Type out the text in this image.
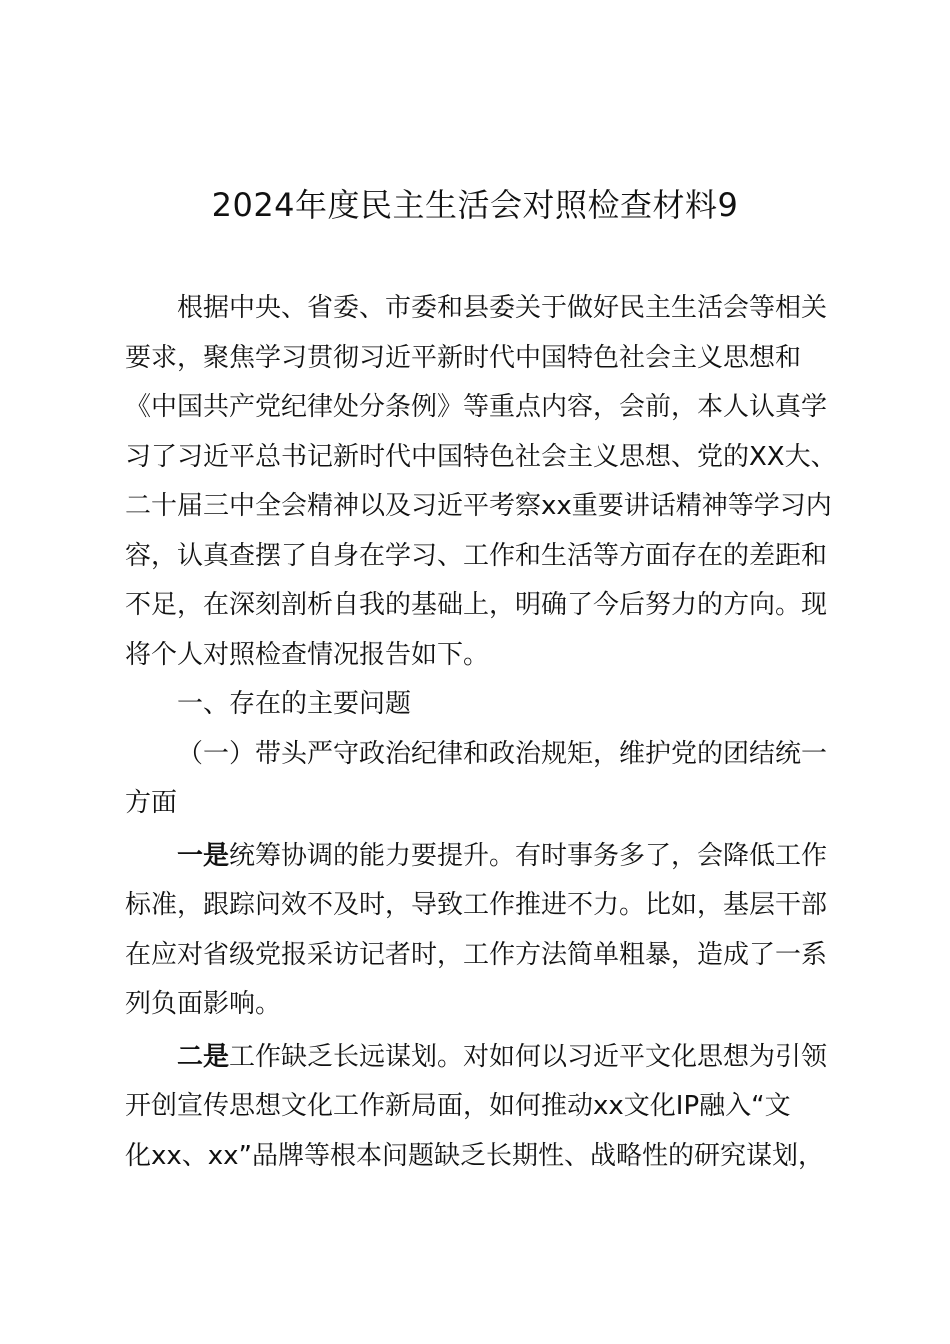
2024年度民主生活会对照检查材料9
根据中央、省委、市委和县委关于做好民主生活会等相关
要求，聚焦学习贯彻习近平新时代中国特色社会主义思想和
《中国共产党纪律处分条例》等重点内容，会前，本人认真学
习了习近平总书记新时代中国特色社会主义思想、党的XX大、
二十届三中全会精神以及习近平考察xx重要讲话精神等学习内
容，认真查摆了自身在学习、工作和生活等方面存在的差距和
不足，在深刻剖析自我的基础上，明确了今后努力的方向。现
将个人对照检查情况报告如下。
一、存在的主要问题
（一）带头严守政治纪律和政治规矩，维护党的团结统一
方面
一是统筹协调的能力要提升。有时事务多了，会降低工作
标准，跟踪问效不及时，导致工作推进不力。比如，基层干部
在应对省级党报采访记者时，工作方法简单粗暴，造成了一系
列负面影响。
二是工作缺乏长远谋划。对如何以习近平文化思想为引领
开创宣传思想文化工作新局面，如何推动xx文化IP融入“文
化xx、xx”品牌等根本问题缺乏长期性、战略性的研究谋划，
